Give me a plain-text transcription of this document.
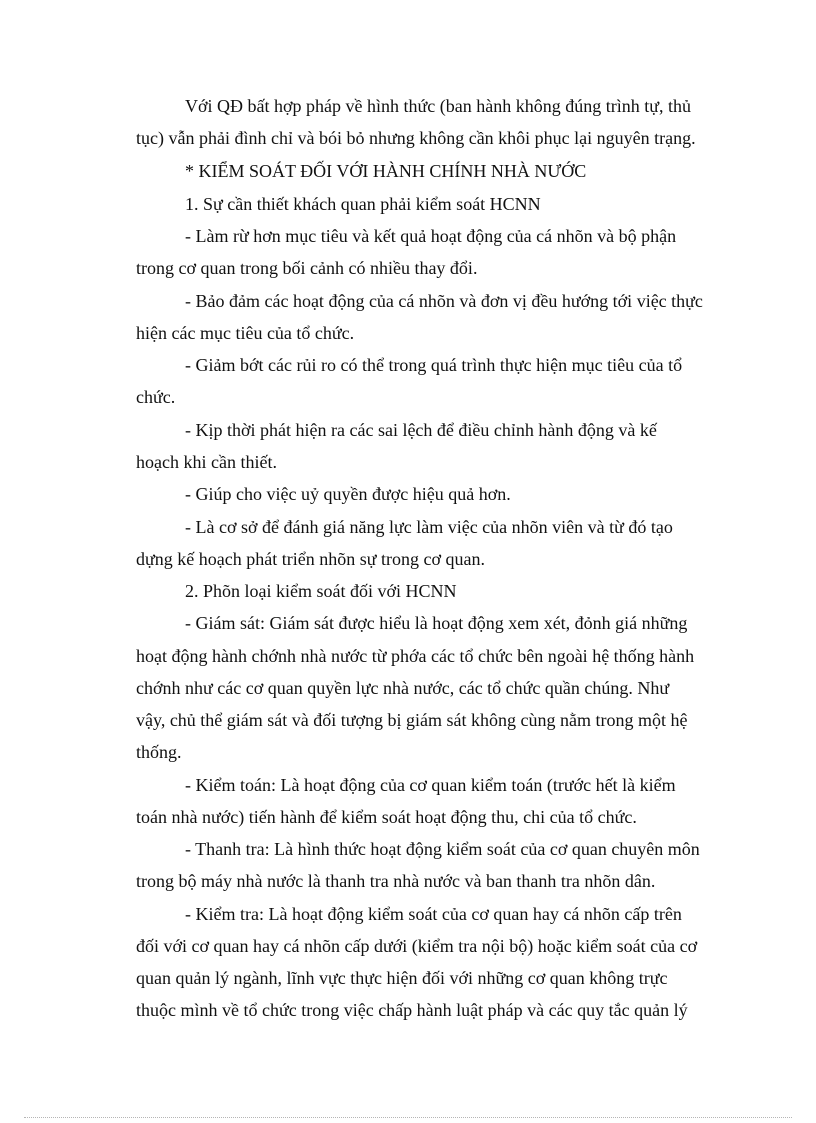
Với QĐ bất hợp pháp về hình thức (ban hành không đúng trình tự, thủ
tục) vẫn phải đình chỉ và bói bỏ nhưng không cần khôi phục lại nguyên trạng.
* KIỂM SOÁT ĐỐI VỚI HÀNH CHÍNH NHÀ NƯỚC
1. Sự cần thiết khách quan phải kiểm soát HCNN
- Làm rừ hơn mục tiêu và kết quả hoạt động của cá nhõn và bộ phận
trong cơ quan trong bối cảnh có nhiều thay đổi.
- Bảo đảm các hoạt động của cá nhõn và đơn vị đều hướng tới việc thực
hiện các mục tiêu của tổ chức.
- Giảm bớt các rủi ro có thể trong quá trình thực hiện mục tiêu của tổ
chức.
- Kịp thời phát hiện ra các sai lệch để điều chỉnh hành động và kế
hoạch khi cần thiết.
- Giúp cho việc uỷ quyền được hiệu quả hơn.
- Là cơ sở để đánh giá năng lực làm việc của nhõn viên và từ đó tạo
dựng kế hoạch phát triển nhõn sự trong cơ quan.
2. Phõn loại kiểm soát đối với HCNN
- Giám sát: Giám sát được hiểu là hoạt động xem xét, đỏnh giá những
hoạt động hành chớnh nhà nước từ phớa các tổ chức bên ngoài hệ thống hành
chớnh như các cơ quan quyền lực nhà nước, các tổ chức quần chúng. Như
vậy, chủ thể giám sát và đối tượng bị giám sát không cùng nằm trong một hệ
thống.
- Kiểm toán: Là hoạt động của cơ quan kiểm toán (trước hết là kiểm
toán nhà nước) tiến hành để kiểm soát hoạt động thu, chi của tổ chức.
- Thanh tra: Là hình thức hoạt động kiểm soát của cơ quan chuyên môn
trong bộ máy nhà nước là thanh tra nhà nước và ban thanh tra nhõn dân.
- Kiểm tra: Là hoạt động kiểm soát của cơ quan hay cá nhõn cấp trên
đối với cơ quan hay cá nhõn cấp dưới (kiểm tra nội bộ) hoặc kiểm soát của cơ
quan quản lý ngành, lĩnh vực thực hiện đối với những cơ quan không trực
thuộc mình về tổ chức trong việc chấp hành luật pháp và các quy tắc quản lý
